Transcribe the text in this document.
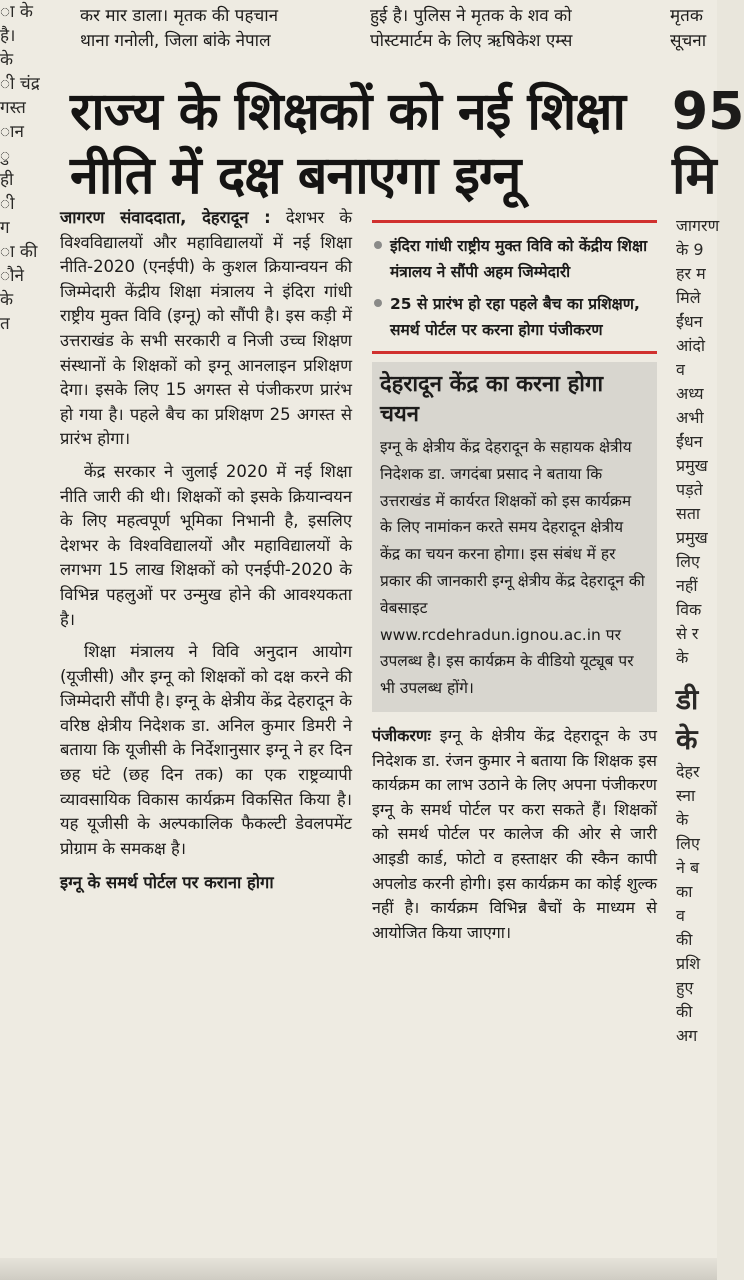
ा के
है।
के
ी चंद्र
गस्त
ान
ु
ही
ी
ग
ा की
ौने
के
त
कर मार डाला। मृतक की पहचान
थाना गनोली, जिला बांके नेपाल
हुई है। पुलिस ने मृतक के शव को
पोस्टमार्टम के लिए ऋषिकेश एम्स
मृतक
सूचना
राज्य के शिक्षकों को नई शिक्षा
नीति में दक्ष बनाएगा इग्नू
95
मि
जागरण
के 9
हर म
मिले
ईंधन
आंदो
व
अध्य
अभी
ईंधन
प्रमुख
पड़ते
सता
प्रमुख
लिए
नहीं
विक
से र
के
डी
के
देहर
स्ना
के
लिए
ने ब
का
व
की
प्रशि
हुए
की
अग

जागरण संवाददाता, देहरादून : देशभर के विश्वविद्यालयों और महाविद्यालयों में नई शिक्षा नीति-2020 (एनईपी) के कुशल क्रियान्वयन की जिम्मेदारी केंद्रीय शिक्षा मंत्रालय ने इंदिरा गांधी राष्ट्रीय मुक्त विवि (इग्नू) को सौंपी है। इस कड़ी में उत्तराखंड के सभी सरकारी व निजी उच्च शिक्षण संस्थानों के शिक्षकों को इग्नू आनलाइन प्रशिक्षण देगा। इसके लिए 15 अगस्त से पंजीकरण प्रारंभ हो गया है। पहले बैच का प्रशिक्षण 25 अगस्त से प्रारंभ होगा।

केंद्र सरकार ने जुलाई 2020 में नई शिक्षा नीति जारी की थी। शिक्षकों को इसके क्रियान्वयन के लिए महत्वपूर्ण भूमिका निभानी है, इसलिए देशभर के विश्वविद्यालयों और महाविद्यालयों के लगभग 15 लाख शिक्षकों को एनईपी-2020 के विभिन्न पहलुओं पर उन्मुख होने की आवश्यकता है।

शिक्षा मंत्रालय ने विवि अनुदान आयोग (यूजीसी) और इग्नू को शिक्षकों को दक्ष करने की जिम्मेदारी सौंपी है। इग्नू के क्षेत्रीय केंद्र देहरादून के वरिष्ठ क्षेत्रीय निदेशक डा. अनिल कुमार डिमरी ने बताया कि यूजीसी के निर्देशानुसार इग्नू ने हर दिन छह घंटे (छह दिन तक) का एक राष्ट्रव्यापी व्यावसायिक विकास कार्यक्रम विकसित किया है। यह यूजीसी के अल्पकालिक फैकल्टी डेवलपमेंट प्रोग्राम के समकक्ष है।

इग्नू के समर्थ पोर्टल पर कराना होगा

इंदिरा गांधी राष्ट्रीय मुक्त विवि को केंद्रीय शिक्षा मंत्रालय ने सौंपी अहम जिम्मेदारी
25 से प्रारंभ हो रहा पहले बैच का प्रशिक्षण, समर्थ पोर्टल पर करना होगा पंजीकरण
देहरादून केंद्र का करना होगा चयन
इग्नू के क्षेत्रीय केंद्र देहरादून के सहायक क्षेत्रीय निदेशक डा. जगदंबा प्रसाद ने बताया कि उत्तराखंड में कार्यरत शिक्षकों को इस कार्यक्रम के लिए नामांकन करते समय देहरादून क्षेत्रीय केंद्र का चयन करना होगा। इस संबंध में हर प्रकार की जानकारी इग्नू क्षेत्रीय केंद्र देहरादून की वेबसाइट www.rcdehradun.ignou.ac.in पर उपलब्ध है। इस कार्यक्रम के वीडियो यूट्यूब पर भी उपलब्ध होंगे।
पंजीकरणः इग्नू के क्षेत्रीय केंद्र देहरादून के उप निदेशक डा. रंजन कुमार ने बताया कि शिक्षक इस कार्यक्रम का लाभ उठाने के लिए अपना पंजीकरण इग्नू के समर्थ पोर्टल पर करा सकते हैं। शिक्षकों को समर्थ पोर्टल पर कालेज की ओर से जारी आइडी कार्ड, फोटो व हस्ताक्षर की स्कैन कापी अपलोड करनी होगी। इस कार्यक्रम का कोई शुल्क नहीं है। कार्यक्रम विभिन्न बैचों के माध्यम से आयोजित किया जाएगा।
